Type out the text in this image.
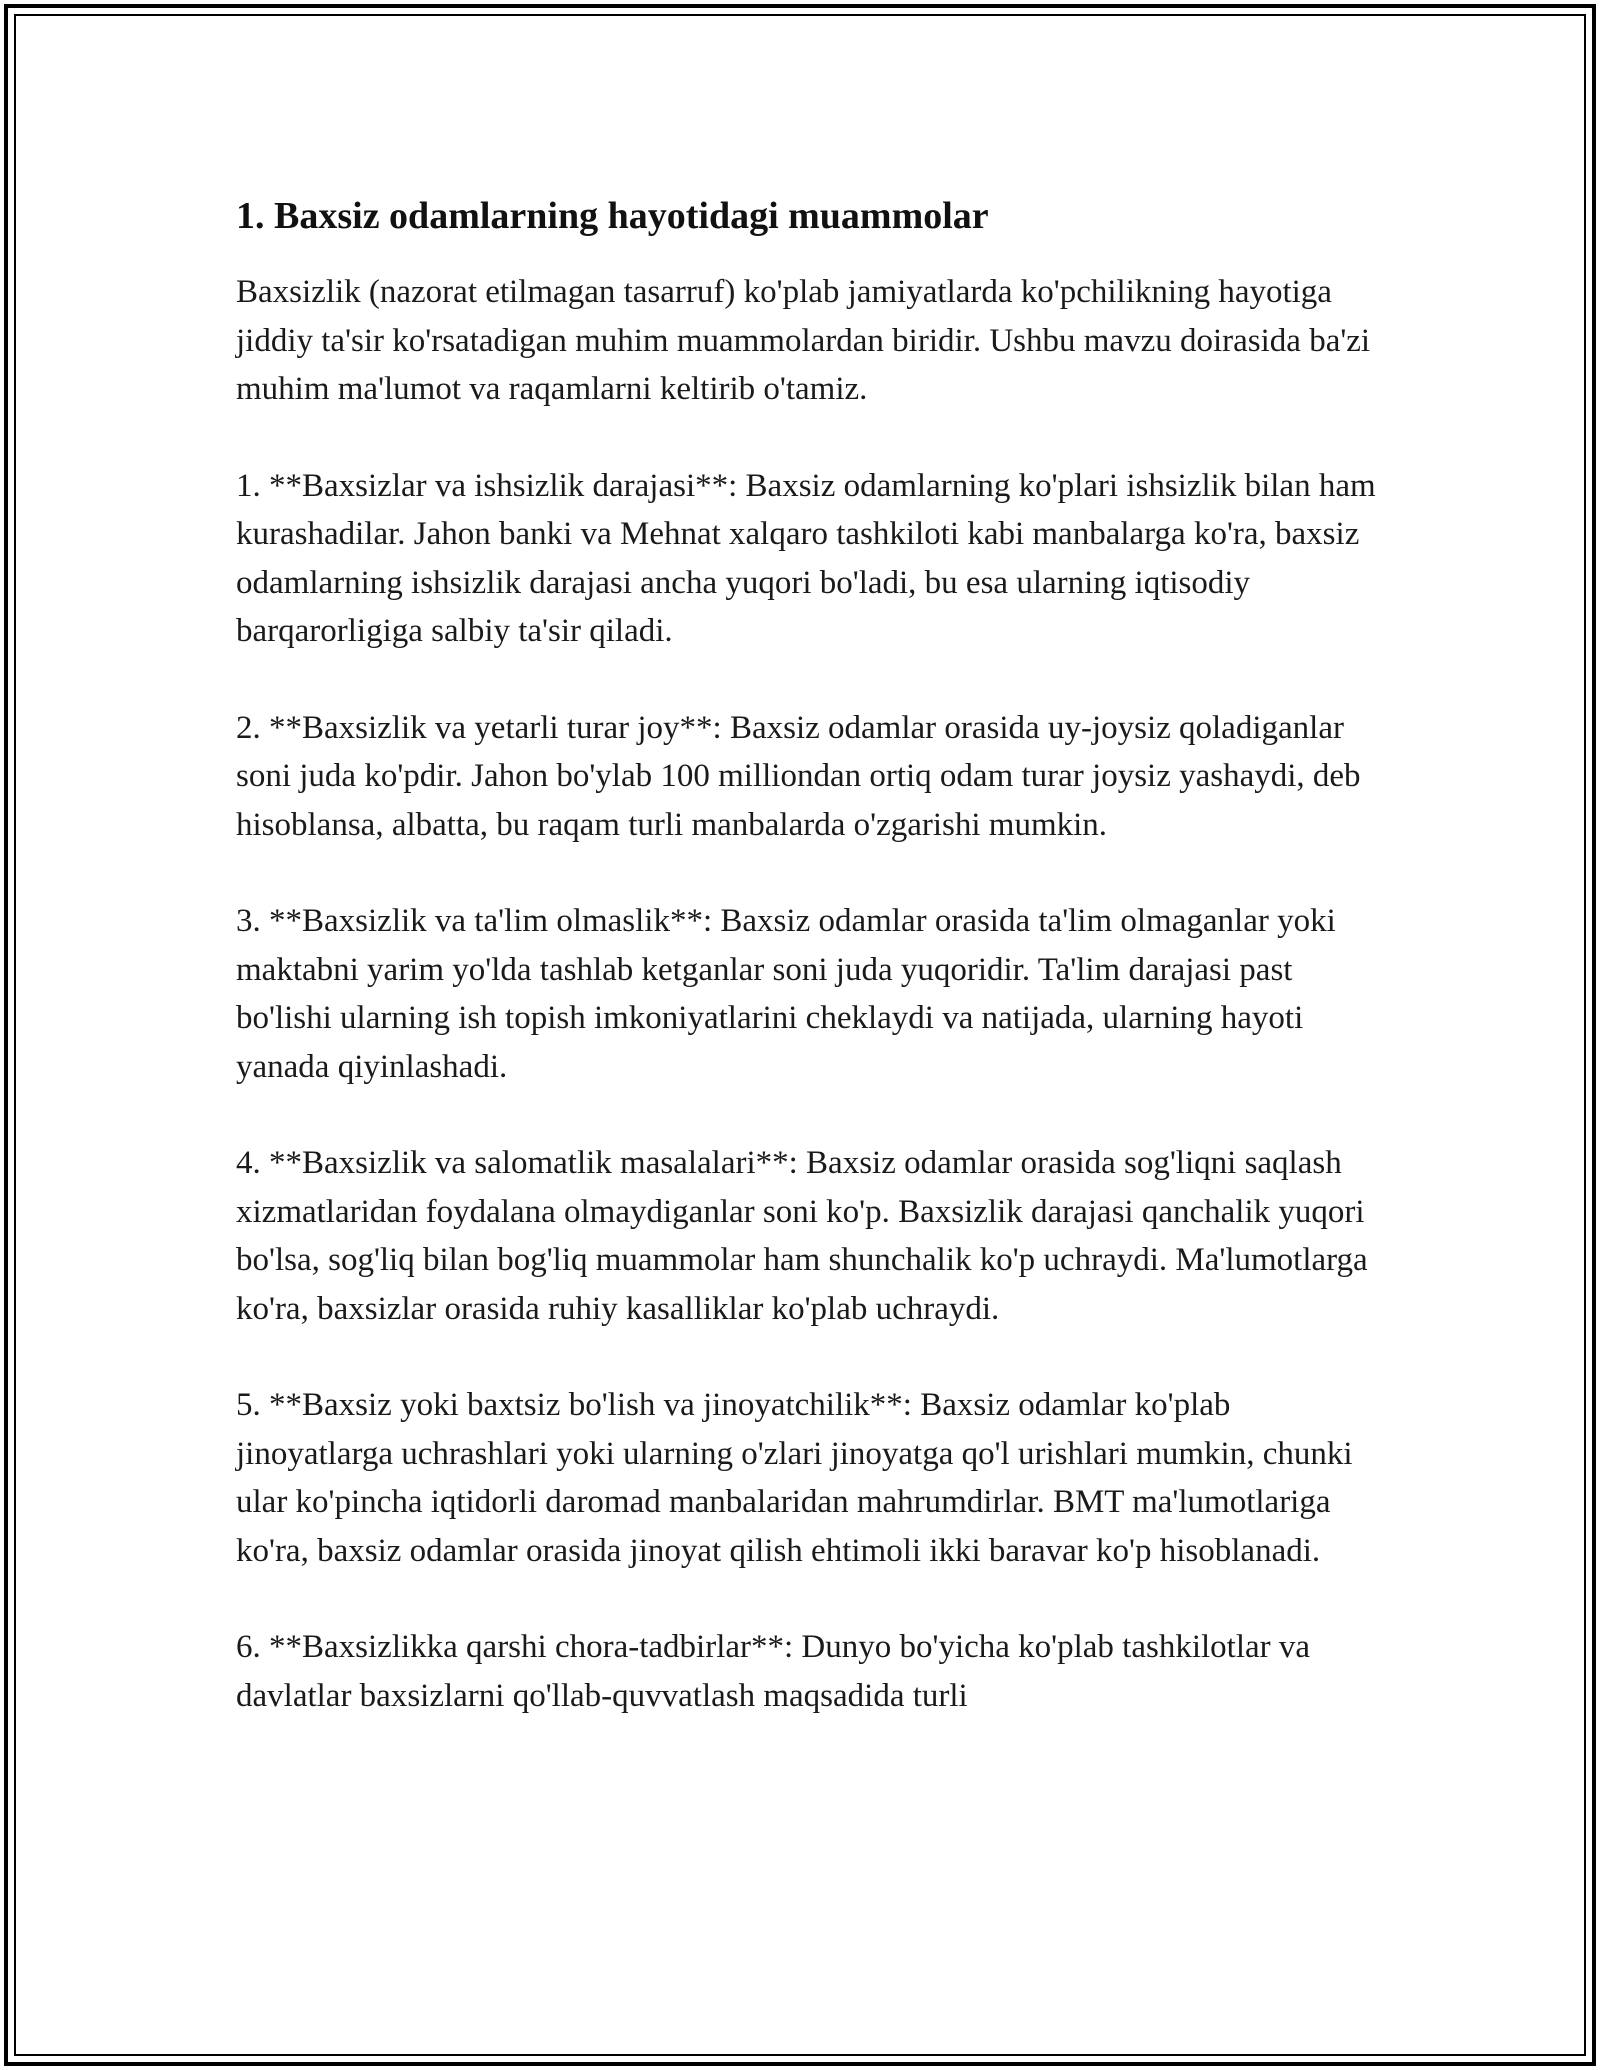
1. Baxsiz odamlarning hayotidagi muammolar

Baxsizlik (nazorat etilmagan tasarruf) ko'plab jamiyatlarda ko'pchilikning hayotiga jiddiy ta'sir ko'rsatadigan muhim muammolardan biridir. Ushbu mavzu doirasida ba'zi muhim ma'lumot va raqamlarni keltirib o'tamiz.

1. **Baxsizlar va ishsizlik darajasi**: Baxsiz odamlarning ko'plari ishsizlik bilan ham kurashadilar. Jahon banki va Mehnat xalqaro tashkiloti kabi manbalarga ko'ra, baxsiz odamlarning ishsizlik darajasi ancha yuqori bo'ladi, bu esa ularning iqtisodiy barqarorligiga salbiy ta'sir qiladi.

2. **Baxsizlik va yetarli turar joy**: Baxsiz odamlar orasida uy-joysiz qoladiganlar soni juda ko'pdir. Jahon bo'ylab 100 milliondan ortiq odam turar joysiz yashaydi, deb hisoblansa, albatta, bu raqam turli manbalarda o'zgarishi mumkin.

3. **Baxsizlik va ta'lim olmaslik**: Baxsiz odamlar orasida ta'lim olmaganlar yoki maktabni yarim yo'lda tashlab ketganlar soni juda yuqoridir. Ta'lim darajasi past bo'lishi ularning ish topish imkoniyatlarini cheklaydi va natijada, ularning hayoti yanada qiyinlashadi.

4. **Baxsizlik va salomatlik masalalari**: Baxsiz odamlar orasida sog'liqni saqlash xizmatlaridan foydalana olmaydiganlar soni ko'p. Baxsizlik darajasi qanchalik yuqori bo'lsa, sog'liq bilan bog'liq muammolar ham shunchalik ko'p uchraydi. Ma'lumotlarga ko'ra, baxsizlar orasida ruhiy kasalliklar ko'plab uchraydi.

5. **Baxsiz yoki baxtsiz bo'lish va jinoyatchilik**: Baxsiz odamlar ko'plab jinoyatlarga uchrashlari yoki ularning o'zlari jinoyatga qo'l urishlari mumkin, chunki ular ko'pincha iqtidorli daromad manbalaridan mahrumdirlar. BMT ma'lumotlariga ko'ra, baxsiz odamlar orasida jinoyat qilish ehtimoli ikki baravar ko'p hisoblanadi.

6. **Baxsizlikka qarshi chora-tadbirlar**: Dunyo bo'yicha ko'plab tashkilotlar va davlatlar baxsizlarni qo'llab-quvvatlash maqsadida turli
